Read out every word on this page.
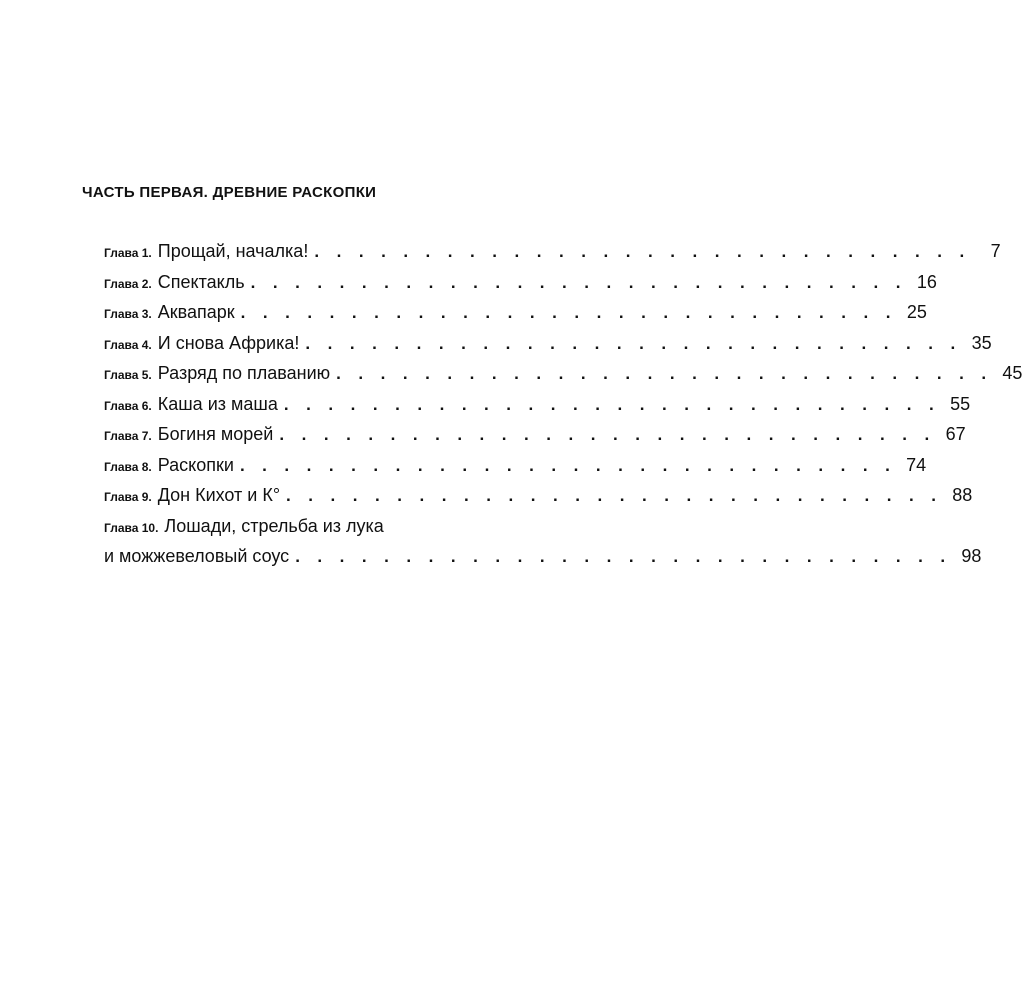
ЧАСТЬ ПЕРВАЯ. ДРЕВНИЕ РАСКОПКИ
Глава 1. Прощай, началка! . . . . . . . . . . . . . . . . . . . . . . . . . . . . . .	7
Глава 2. Спектакль . . . . . . . . . . . . . . . . . . . . . . . . . . . . . . 16
Глава 3. Аквапарк . . . . . . . . . . . . . . . . . . . . . . . . . . . . . . 25
Глава 4. И снова Африка! . . . . . . . . . . . . . . . . . . . . . . . . . . . . . . 35
Глава 5. Разряд по плаванию . . . . . . . . . . . . . . . . . . . . . . . . . . . . . . 45
Глава 6. Каша из маша . . . . . . . . . . . . . . . . . . . . . . . . . . . . . . 55
Глава 7. Богиня морей . . . . . . . . . . . . . . . . . . . . . . . . . . . . . . 67
Глава 8. Раскопки . . . . . . . . . . . . . . . . . . . . . . . . . . . . . . 74
Глава 9. Дон Кихот и К° . . . . . . . . . . . . . . . . . . . . . . . . . . . . . . 88
Глава 10. Лошади, стрельба из лука
и можжевеловый соус . . . . . . . . . . . . . . . . . . . . . . . . . . . . . . 98
